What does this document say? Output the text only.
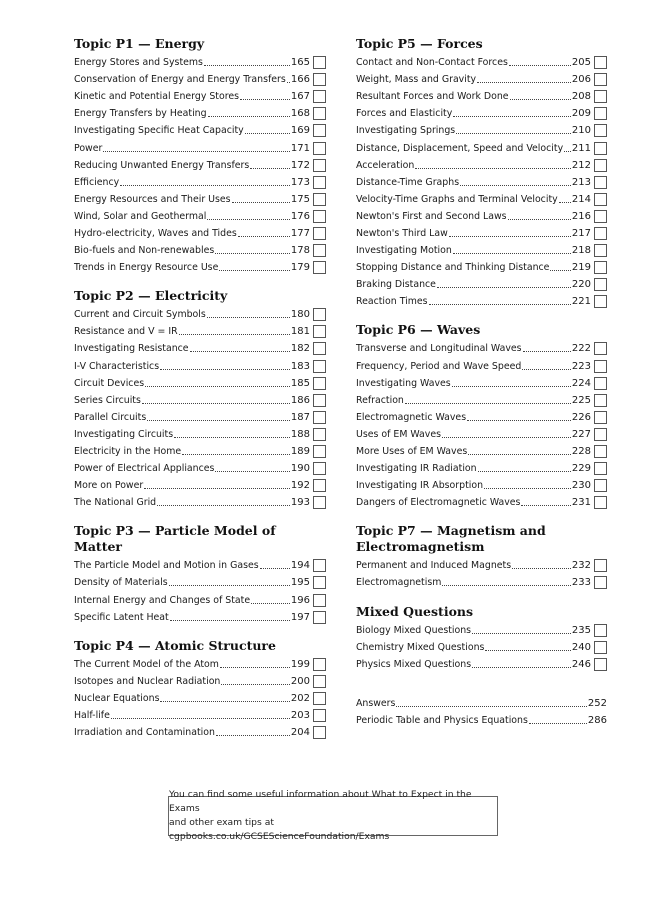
Topic P1 — Energy
Energy Stores and Systems	165
Conservation of Energy and Energy Transfers 166
Kinetic and Potential Energy Stores	167
Energy Transfers by Heating	168
Investigating Specific Heat Capacity	169
Power	171
Reducing Unwanted Energy Transfers	172
Efficiency	173
Energy Resources and Their Uses	175
Wind, Solar and Geothermal	176
Hydro-electricity, Waves and Tides	177
Bio-fuels and Non-renewables	178
Trends in Energy Resource Use	179
Topic P2 — Electricity
Current and Circuit Symbols	180
Resistance and V = IR	181
Investigating Resistance	182
I-V Characteristics	183
Circuit Devices	185
Series Circuits	186
Parallel Circuits	187
Investigating Circuits	188
Electricity in the Home	189
Power of Electrical Appliances	190
More on Power	192
The National Grid	193
Topic P3 — Particle Model of Matter
The Particle Model and Motion in Gases	194
Density of Materials	195
Internal Energy and Changes of State	196
Specific Latent Heat	197
Topic P4 — Atomic Structure
The Current Model of the Atom	199
Isotopes and Nuclear Radiation	200
Nuclear Equations	202
Half-life	203
Irradiation and Contamination	204
Topic P5 — Forces
Contact and Non-Contact Forces	205
Weight, Mass and Gravity	206
Resultant Forces and Work Done	208
Forces and Elasticity	209
Investigating Springs	210
Distance, Displacement, Speed and Velocity 211
Acceleration	212
Distance-Time Graphs	213
Velocity-Time Graphs and Terminal Velocity 214
Newton's First and Second Laws	216
Newton's Third Law	217
Investigating Motion	218
Stopping Distance and Thinking Distance 219
Braking Distance	220
Reaction Times	221
Topic P6 — Waves
Transverse and Longitudinal Waves	222
Frequency, Period and Wave Speed	223
Investigating Waves	224
Refraction	225
Electromagnetic Waves	226
Uses of EM Waves	227
More Uses of EM Waves	228
Investigating IR Radiation	229
Investigating IR Absorption	230
Dangers of Electromagnetic Waves	231
Topic P7 — Magnetism and Electromagnetism
Permanent and Induced Magnets	232
Electromagnetism	233
Mixed Questions
Biology Mixed Questions	235
Chemistry Mixed Questions	240
Physics Mixed Questions	246
Answers	252
Periodic Table and Physics Equations	286
You can find some useful information about What to Expect in the Exams
and other exam tips at cgpbooks.co.uk/GCSEScienceFoundation/Exams
